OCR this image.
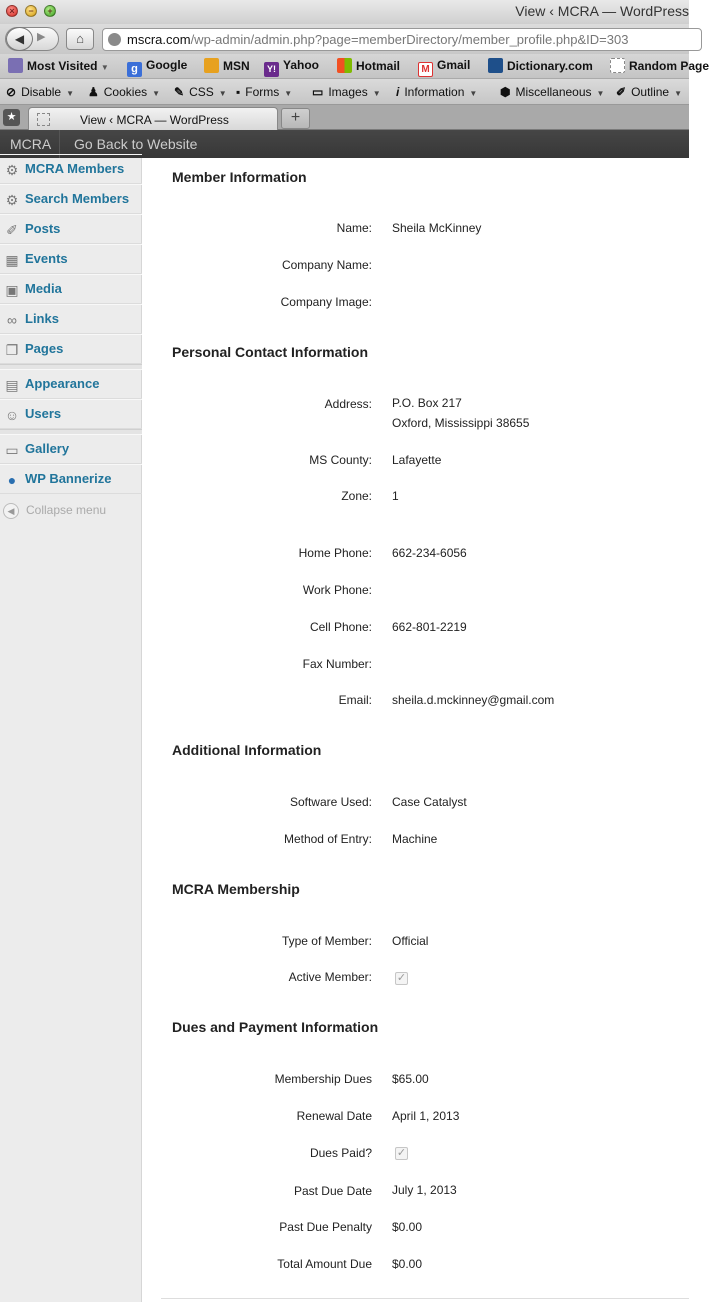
× − +	View ‹ MCRA — WordPress
◀	▶	⌂	mscra.com/wp-admin/admin.php?page=memberDirectory/member_profile.php&ID=303
Most Visited ▼	g Google	MSN	Y! Yahoo	Hotmail	M Gmail	Dictionary.com	Random Page
⊘ Disable ▼ ♟ Cookies ▼ ✎ CSS ▼ ▪ Forms ▼ ▭ Images ▼ i Information ▼ ⬢ Miscellaneous ▼ ✐ Outline ▼
★	View ‹ MCRA — WordPress	+
MCRA	Go Back to Website
⚙ MCRA Members
⚙ Search Members
✐ Posts
▦ Events
▣ Media
∞ Links
❐ Pages
▤ Appearance
☺ Users
▭ Gallery
● WP Bannerize
◀ Collapse menu
Member Information
Name: Sheila McKinney
Company Name:
Company Image:
Personal Contact Information
Address: P.O. Box 217
Oxford, Mississippi 38655
MS County: Lafayette
Zone: 1
Home Phone: 662-234-6056
Work Phone:
Cell Phone: 662-801-2219
Fax Number:
Email: sheila.d.mckinney@gmail.com
Additional Information
Software Used: Case Catalyst
Method of Entry: Machine
MCRA Membership
Type of Member: Official
Active Member: ✓
Dues and Payment Information
Membership Dues $65.00
Renewal Date April 1, 2013
Dues Paid? ✓
Past Due Date July 1, 2013
Past Due Penalty $0.00
Total Amount Due $0.00
